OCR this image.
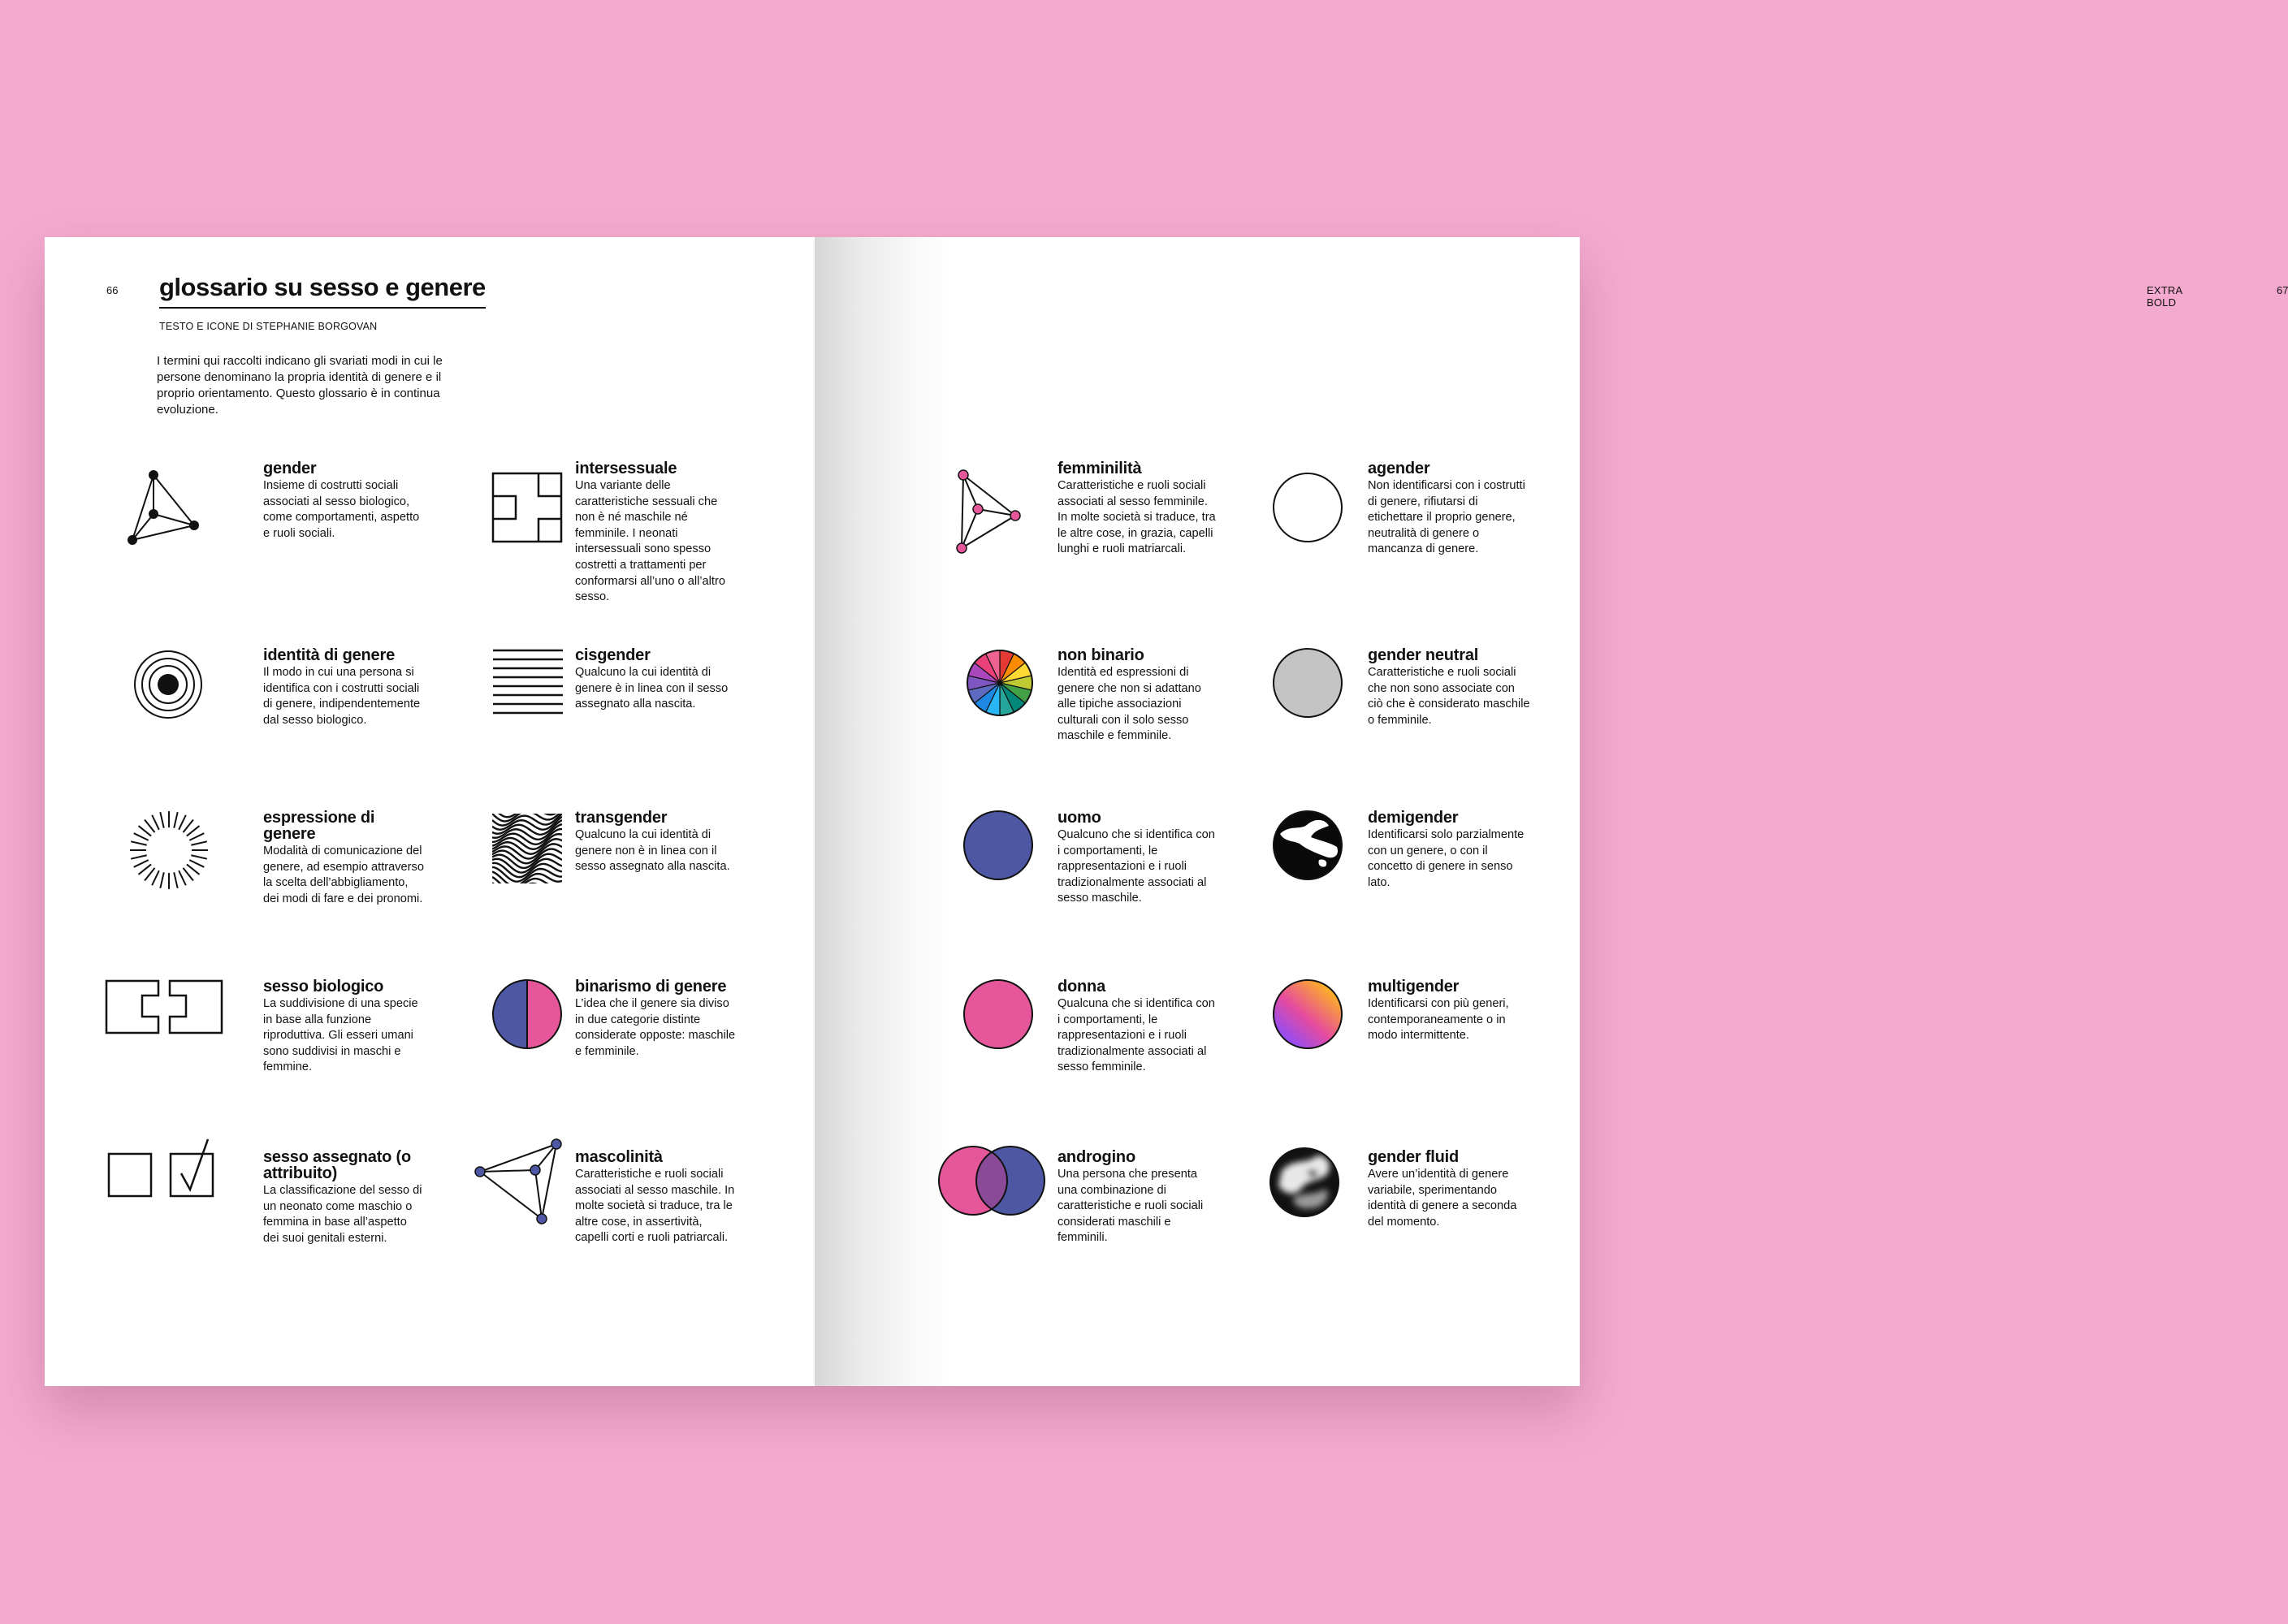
66 glossario su sesso e genere
TESTO E ICONE DI STEPHANIE BORGOVAN
I termini qui raccolti indicano gli svariati modi in cui le persone denominano la propria identità di genere e il proprio orientamento. Questo glossario è in continua evoluzione.
gender

Insieme di costrutti sociali associati al sesso biologico, come comportamenti, aspetto e ruoli sociali.

intersessuale

Una variante delle caratteristiche sessuali che non è né maschile né femminile. I neonati intersessuali sono spesso costretti a trattamenti per conformarsi all’uno o all’altro sesso.

identità di genere

Il modo in cui una persona si identifica con i costrutti sociali di genere, indipendentemente dal sesso biologico.

cisgender

Qualcuno la cui identità di genere è in linea con il sesso assegnato alla nascita.

espressione di genere

Modalità di comunicazione del genere, ad esempio attraverso la scelta dell’abbigliamento, dei modi di fare e dei pronomi.

transgender

Qualcuno la cui identità di genere non è in linea con il sesso assegnato alla nascita.

sesso biologico

La suddivisione di una specie in base alla funzione riproduttiva. Gli esseri umani sono suddivisi in maschi e femmine.

binarismo di genere

L’idea che il genere sia diviso in due categorie distinte considerate opposte: maschile e femminile.

sesso assegnato (o attribuito)

La classificazione del sesso di un neonato come maschio o femmina in base all’aspetto dei suoi genitali esterni.

mascolinità

Caratteristiche e ruoli sociali associati al sesso maschile. In molte società si traduce, tra le altre cose, in assertività, capelli corti e ruoli patriarcali.

EXTRA BOLD
67
femminilità

Caratteristiche e ruoli sociali associati al sesso femminile. In molte società si traduce, tra le altre cose, in grazia, capelli lunghi e ruoli matriarcali.

agender

Non identificarsi con i costrutti di genere, rifiutarsi di etichettare il proprio genere, neutralità di genere o mancanza di genere.

non binario

Identità ed espressioni di genere che non si adattano alle tipiche associazioni culturali con il solo sesso maschile e femminile.

gender neutral

Caratteristiche e ruoli sociali che non sono associate con ciò che è considerato maschile o femminile.

uomo

Qualcuno che si identifica con i comportamenti, le rappresentazioni e i ruoli tradizionalmente associati al sesso maschile.

demigender

Identificarsi solo parzialmente con un genere, o con il concetto di genere in senso lato.

donna

Qualcuna che si identifica con i comportamenti, le rappresentazioni e i ruoli tradizionalmente associati al sesso femminile.

multigender

Identificarsi con più generi, contemporaneamente o in modo intermittente.

androgino

Una persona che presenta una combinazione di caratteristiche e ruoli sociali considerati maschili e femminili.

gender fluid

Avere un’identità di genere variabile, sperimentando identità di genere a seconda del momento.
